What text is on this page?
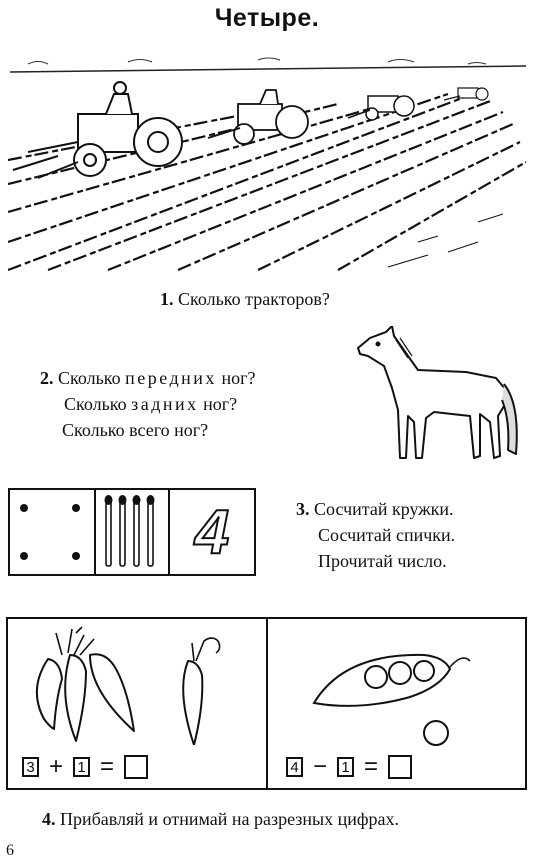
Четыре.
1. Сколько тракторов?
2. Сколько передних ног?
Сколько задних ног?
Сколько всего ног?
4	3. Сосчитай кружки.
Сосчитай спички.
Прочитай число.
3 + 1 =	4 − 1 =
4. Прибавляй и отнимай на разрезных цифрах.
6
